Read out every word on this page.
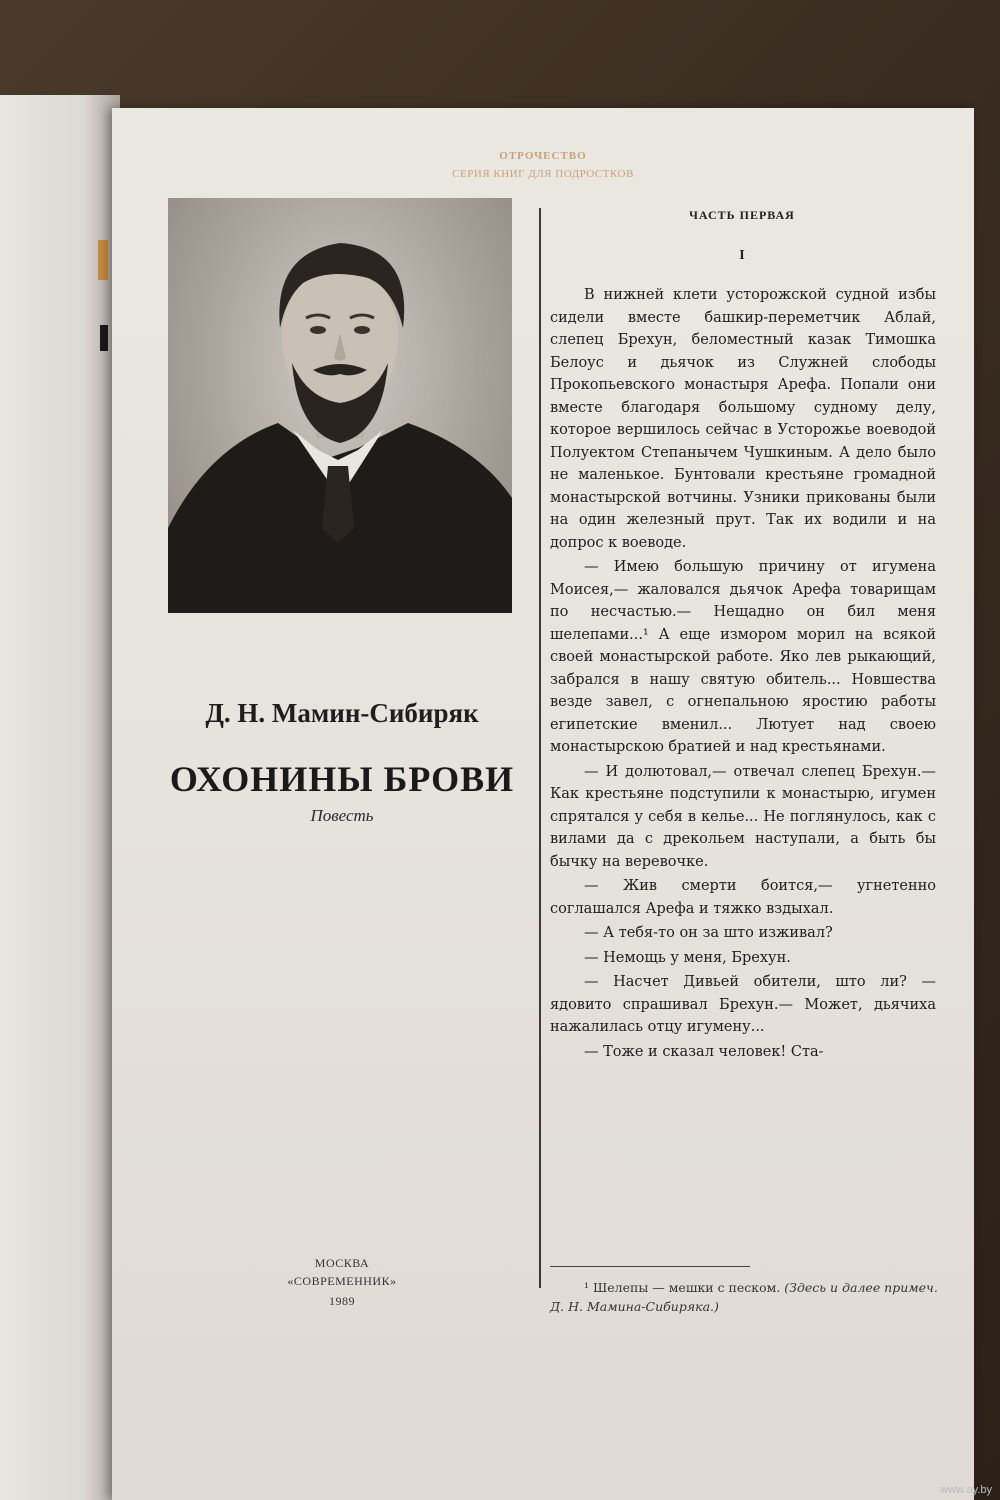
ОТРОЧЕСТВО
СЕРИЯ КНИГ ДЛЯ ПОДРОСТКОВ
Д. Н. Мамин-Сибиряк
ОХОНИНЫ БРОВИ
Повесть
МОСКВА
«СОВРЕМЕННИК»
1989
ЧАСТЬ ПЕРВАЯ
I

В нижней клети усторожской судной избы сидели вместе башкир-переметчик Аблай, слепец Брехун, беломестный казак Тимошка Белоус и дьячок из Служней слободы Прокопьевского монастыря Арефа. Попали они вместе благодаря большому судному делу, которое вершилось сейчас в Усторожье воеводой Полуектом Степанычем Чушкиным. А дело было не маленькое. Бунтовали крестьяне громадной монастырской вотчины. Узники прикованы были на один железный прут. Так их водили и на допрос к воеводе.

— Имею большую причину от игумена Моисея,— жаловался дьячок Арефа товарищам по несчастью.— Нещадно он бил меня шелепами...¹ А еще измором морил на всякой своей монастырской работе. Яко лев рыкающий, забрался в нашу святую обитель... Новшества везде завел, с огнепальною яростию работы египетские вменил... Лютует над своею монастырскою братией и над крестьянами.

— И долютовал,— отвечал слепец Брехун.— Как крестьяне подступили к монастырю, игумен спрятался у себя в келье... Не поглянулось, как с вилами да с дрекольем наступали, а быть бы бычку на веревочке.

— Жив смерти боится,— угнетенно соглашался Арефа и тяжко вздыхал.

— А тебя-то он за што изживал?

— Немощь у меня, Брехун.

— Насчет Дивьей обители, што ли? — ядовито спрашивал Брехун.— Может, дьячиха нажалилась отцу игумену...

— Тоже и сказал человек! Ста-

¹ Шелепы — мешки с песком. (Здесь и далее примеч. Д. Н. Мамина-Сибиряка.)
www.ay.by
